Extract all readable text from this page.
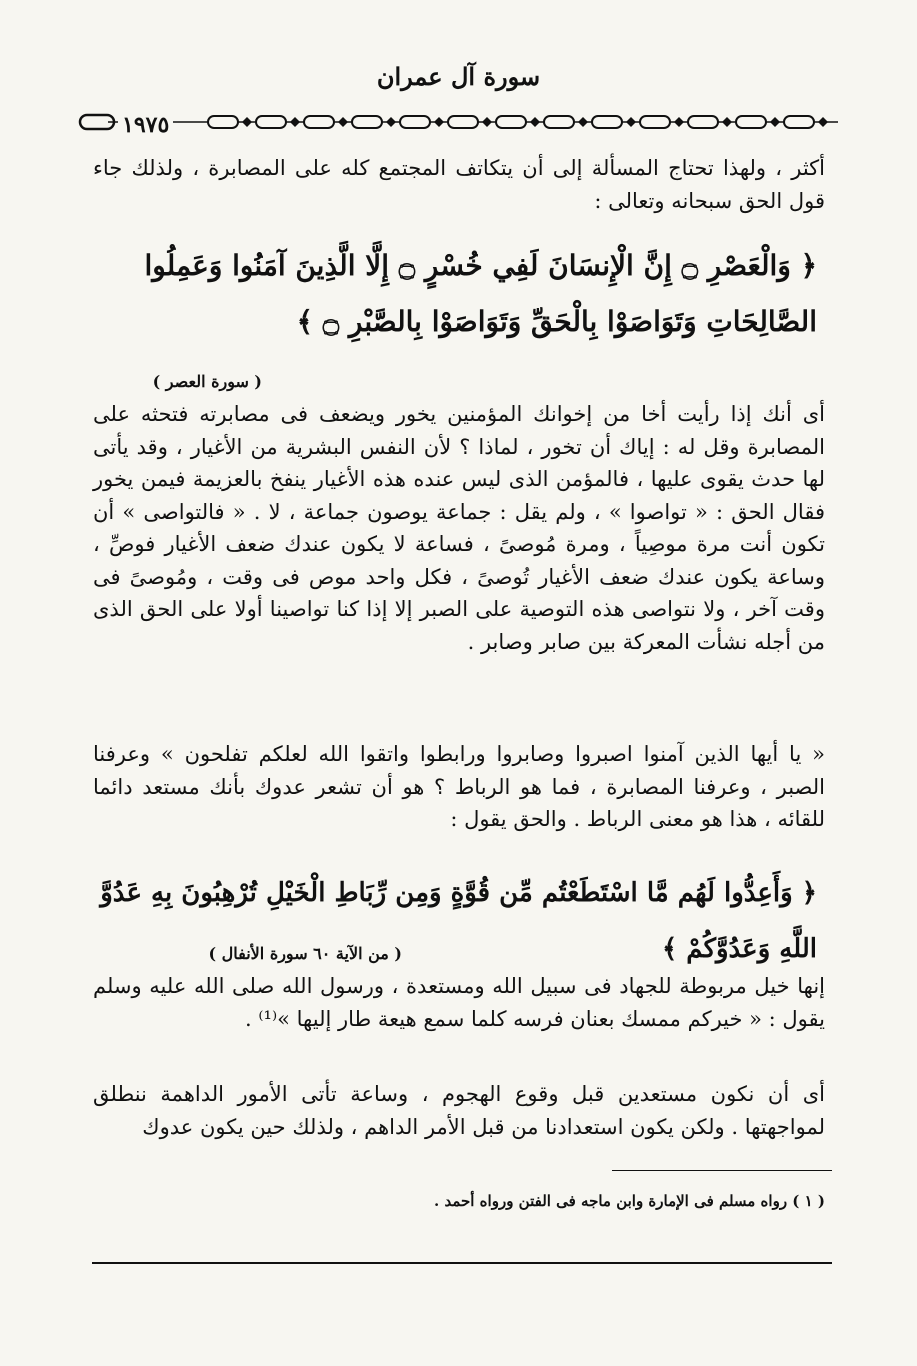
سورة آل عمران
١٩٧٥
أكثر ، ولهذا تحتاج المسألة إلى أن يتكاتف المجتمع كله على المصابرة ، ولذلك جاء قول الحق سبحانه وتعالى :
﴿ وَالْعَصْرِ ۝ إِنَّ الْإِنسَانَ لَفِي خُسْرٍ ۝ إِلَّا الَّذِينَ آمَنُوا وَعَمِلُوا الصَّالِحَاتِ وَتَوَاصَوْا بِالْحَقِّ وَتَوَاصَوْا بِالصَّبْرِ ۝ ﴾
( سورة العصر )
أى أنك إذا رأيت أخا من إخوانك المؤمنين يخور ويضعف فى مصابرته فتحثه على المصابرة وقل له : إياك أن تخور ، لماذا ؟ لأن النفس البشرية من الأغيار ، وقد يأتى لها حدث يقوى عليها ، فالمؤمن الذى ليس عنده هذه الأغيار ينفخ بالعزيمة فيمن يخور فقال الحق : « تواصوا » ، ولم يقل : جماعة يوصون جماعة ، لا . « فالتواصى » أن تكون أنت مرة موصِياً ، ومرة مُوصىً ، فساعة لا يكون عندك ضعف الأغيار فوصِّ ، وساعة يكون عندك ضعف الأغيار تُوصىً ، فكل واحد موص فى وقت ، ومُوصىً فى وقت آخر ، ولا نتواصى هذه التوصية على الصبر إلا إذا كنا تواصينا أولا على الحق الذى من أجله نشأت المعركة بين صابر وصابر .
« يا أيها الذين آمنوا اصبروا وصابروا ورابطوا واتقوا الله لعلكم تفلحون » وعرفنا الصبر ، وعرفنا المصابرة ، فما هو الرباط ؟ هو أن تشعر عدوك بأنك مستعد دائما للقائه ، هذا هو معنى الرباط . والحق يقول :
﴿ وَأَعِدُّوا لَهُم مَّا اسْتَطَعْتُم مِّن قُوَّةٍ وَمِن رِّبَاطِ الْخَيْلِ تُرْهِبُونَ بِهِ عَدُوَّ اللَّهِ وَعَدُوَّكُمْ ﴾
( من الآية ٦٠ سورة الأنفال )
إنها خيل مربوطة للجهاد فى سبيل الله ومستعدة ، ورسول الله صلى الله عليه وسلم يقول : « خيركم ممسك بعنان فرسه كلما سمع هيعة طار إليها »⁽¹⁾ .
أى أن نكون مستعدين قبل وقوع الهجوم ، وساعة تأتى الأمور الداهمة ننطلق لمواجهتها . ولكن يكون استعدادنا من قبل الأمر الداهم ، ولذلك حين يكون عدوك
( ١ ) رواه مسلم فى الإمارة وابن ماجه فى الفتن ورواه أحمد .
